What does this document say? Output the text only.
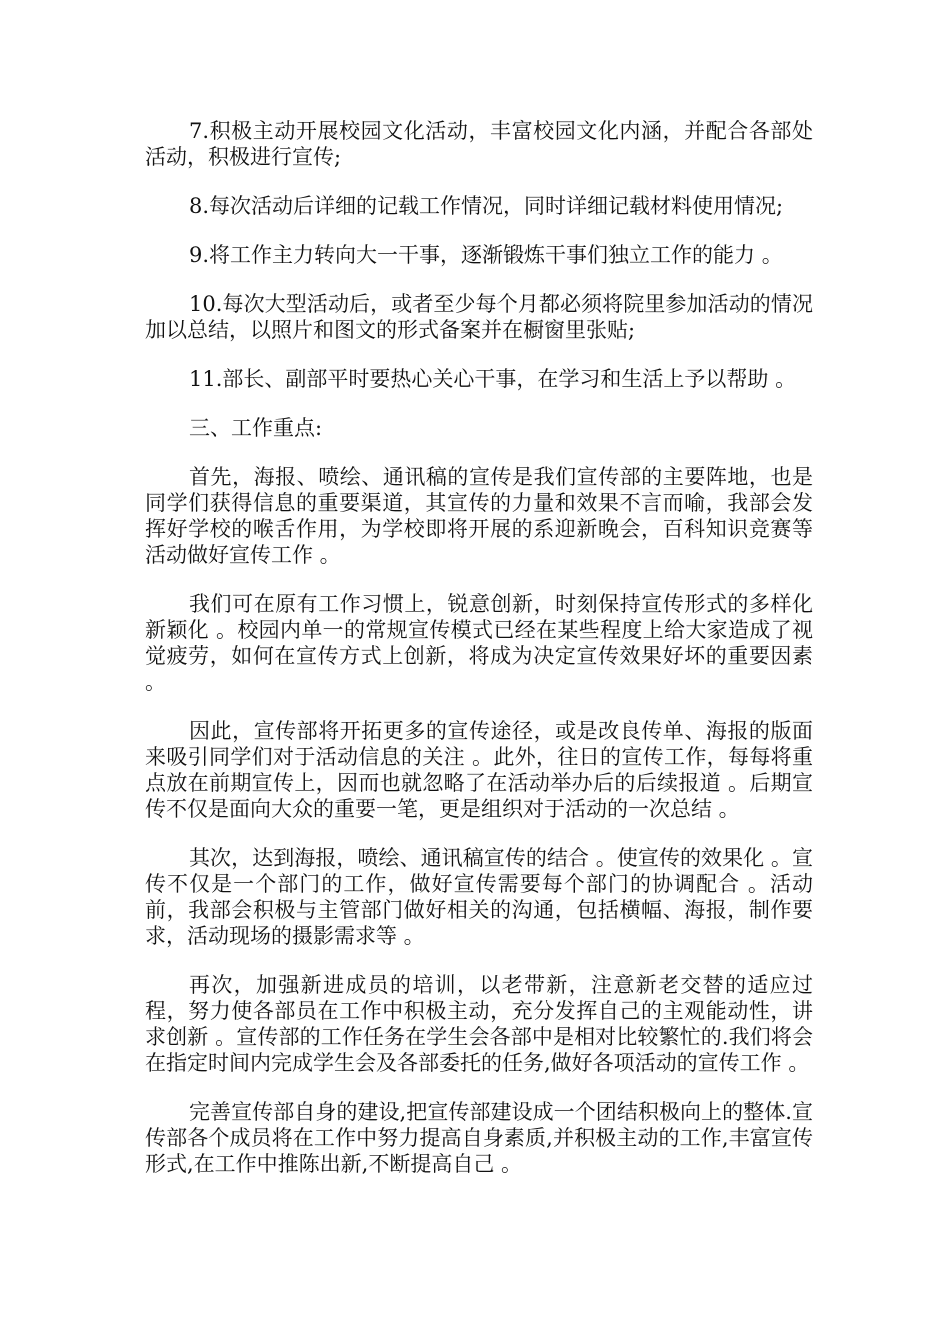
7.积极主动开展校园文化活动，丰富校园文化内涵，并配合各部处活动，积极进行宣传;

8.每次活动后详细的记载工作情况，同时详细记载材料使用情况;

9.将工作主力转向大一干事，逐渐锻炼干事们独立工作的能力 。

10.每次大型活动后，或者至少每个月都必须将院里参加活动的情况加以总结，以照片和图文的形式备案并在橱窗里张贴;

11.部长、副部平时要热心关心干事，在学习和生活上予以帮助 。

三、工作重点:

首先，海报、喷绘、通讯稿的宣传是我们宣传部的主要阵地，也是同学们获得信息的重要渠道，其宣传的力量和效果不言而喻，我部会发挥好学校的喉舌作用，为学校即将开展的系迎新晚会，百科知识竞赛等活动做好宣传工作 。

我们可在原有工作习惯上，锐意创新，时刻保持宣传形式的多样化新颖化 。校园内单一的常规宣传模式已经在某些程度上给大家造成了视觉疲劳，如何在宣传方式上创新，将成为决定宣传效果好坏的重要因素 。

因此，宣传部将开拓更多的宣传途径，或是改良传单、海报的版面来吸引同学们对于活动信息的关注 。此外，往日的宣传工作，每每将重点放在前期宣传上，因而也就忽略了在活动举办后的后续报道 。后期宣传不仅是面向大众的重要一笔，更是组织对于活动的一次总结 。

其次，达到海报，喷绘、通讯稿宣传的结合 。使宣传的效果化 。宣传不仅是一个部门的工作，做好宣传需要每个部门的协调配合 。活动前，我部会积极与主管部门做好相关的沟通，包括横幅、海报，制作要求，活动现场的摄影需求等 。

再次，加强新进成员的培训，以老带新，注意新老交替的适应过程，努力使各部员在工作中积极主动，充分发挥自己的主观能动性，讲求创新 。宣传部的工作任务在学生会各部中是相对比较繁忙的.我们将会在指定时间内完成学生会及各部委托的任务,做好各项活动的宣传工作 。

完善宣传部自身的建设,把宣传部建设成一个团结积极向上的整体.宣传部各个成员将在工作中努力提高自身素质,并积极主动的工作,丰富宣传形式,在工作中推陈出新,不断提高自己 。
